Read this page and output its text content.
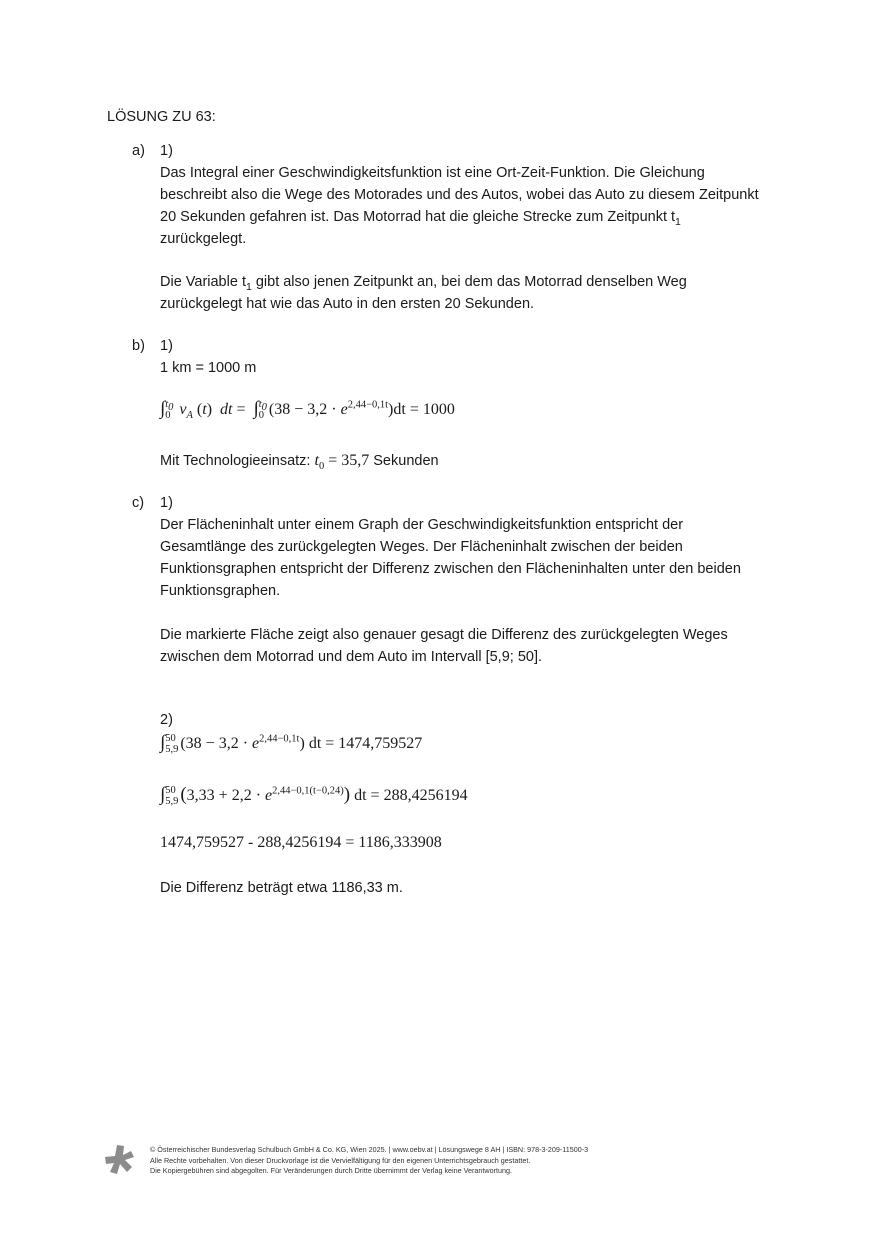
LÖSUNG ZU 63:
a) 1)
Das Integral einer Geschwindigkeitsfunktion ist eine Ort-Zeit-Funktion. Die Gleichung
beschreibt also die Wege des Motorades und des Autos, wobei das Auto zu diesem Zeitpunkt
20 Sekunden gefahren ist. Das Motorrad hat die gleiche Strecke zum Zeitpunkt $t_1$
zurückgelegt.
Die Variable $t_1$ gibt also jenen Zeitpunkt an, bei dem das Motorrad denselben Weg
zurückgelegt hat wie das Auto in den ersten 20 Sekunden.
b) 1)
1 km = 1000 m
∫ $t_0$
0 $v_A$ (t)  dt =  ∫ $t_0$
0 $(38 - 3,2 \cdot e^{2,44-0,1t})dt = 1000$
Mit Technologieeinsatz: $t_0 = 35,7$ Sekunden
c) 1)
Der Flächeninhalt unter einem Graph der Geschwindigkeitsfunktion entspricht der
Gesamtlänge des zurückgelegten Weges. Der Flächeninhalt zwischen der beiden
Funktionsgraphen entspricht der Differenz zwischen den Flächeninhalten unter den beiden
Funktionsgraphen.
Die markierte Fläche zeigt also genauer gesagt die Differenz des zurückgelegten Weges
zwischen dem Motorrad und dem Auto im Intervall [5,9; 50].
2)
∫ 50
5,9 $(38 - 3,2 \cdot e^{2,44-0,1t})$ dt = 1474,759527
∫ 50
5,9 $(3,33 + 2,2 \cdot e^{2,44-0,1(t-0,24)})$ dt = 288,4256194
1474,759527 - 288,4256194 = 1186,333908
Die Differenz beträgt etwa 1186,33 m.
© Österreichischer Bundesverlag Schulbuch GmbH & Co. KG, Wien 2025. | www.oebv.at | Lösungswege 8 AH | ISBN: 978-3-209-11500-3
Alle Rechte vorbehalten. Von dieser Druckvorlage ist die Vervielfältigung für den eigenen Unterrichtsgebrauch gestattet.
Die Kopiergebühren sind abgegolten. Für Veränderungen durch Dritte übernimmt der Verlag keine Verantwortung.
